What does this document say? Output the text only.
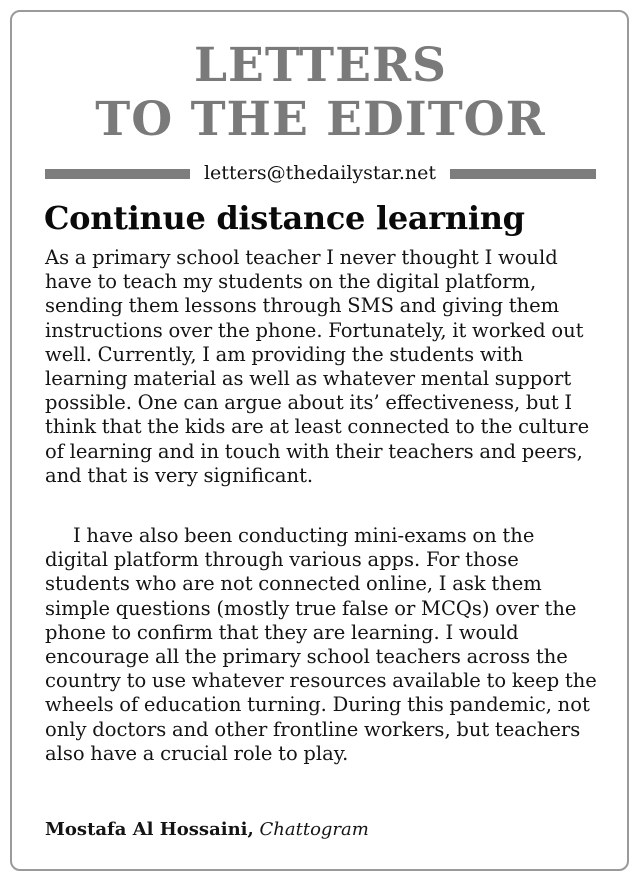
LETTERS
TO THE EDITOR
letters@thedailystar.net
Continue distance learning

As a primary school teacher I never thought I would have to teach my students on the digital platform, sending them lessons through SMS and giving them instructions over the phone. Fortunately, it worked out well. Currently, I am providing the students with learning material as well as whatever mental support possible. One can argue about its’ effectiveness, but I think that the kids are at least connected to the culture of learning and in touch with their teachers and peers, and that is very significant.

I have also been conducting mini-exams on the digital platform through various apps. For those students who are not connected online, I ask them simple questions (mostly true false or MCQs) over the phone to confirm that they are learning. I would encourage all the primary school teachers across the country to use whatever resources available to keep the wheels of education turning. During this pandemic, not only doctors and other frontline workers, but teachers also have a crucial role to play.

Mostafa Al Hossaini, Chattogram
